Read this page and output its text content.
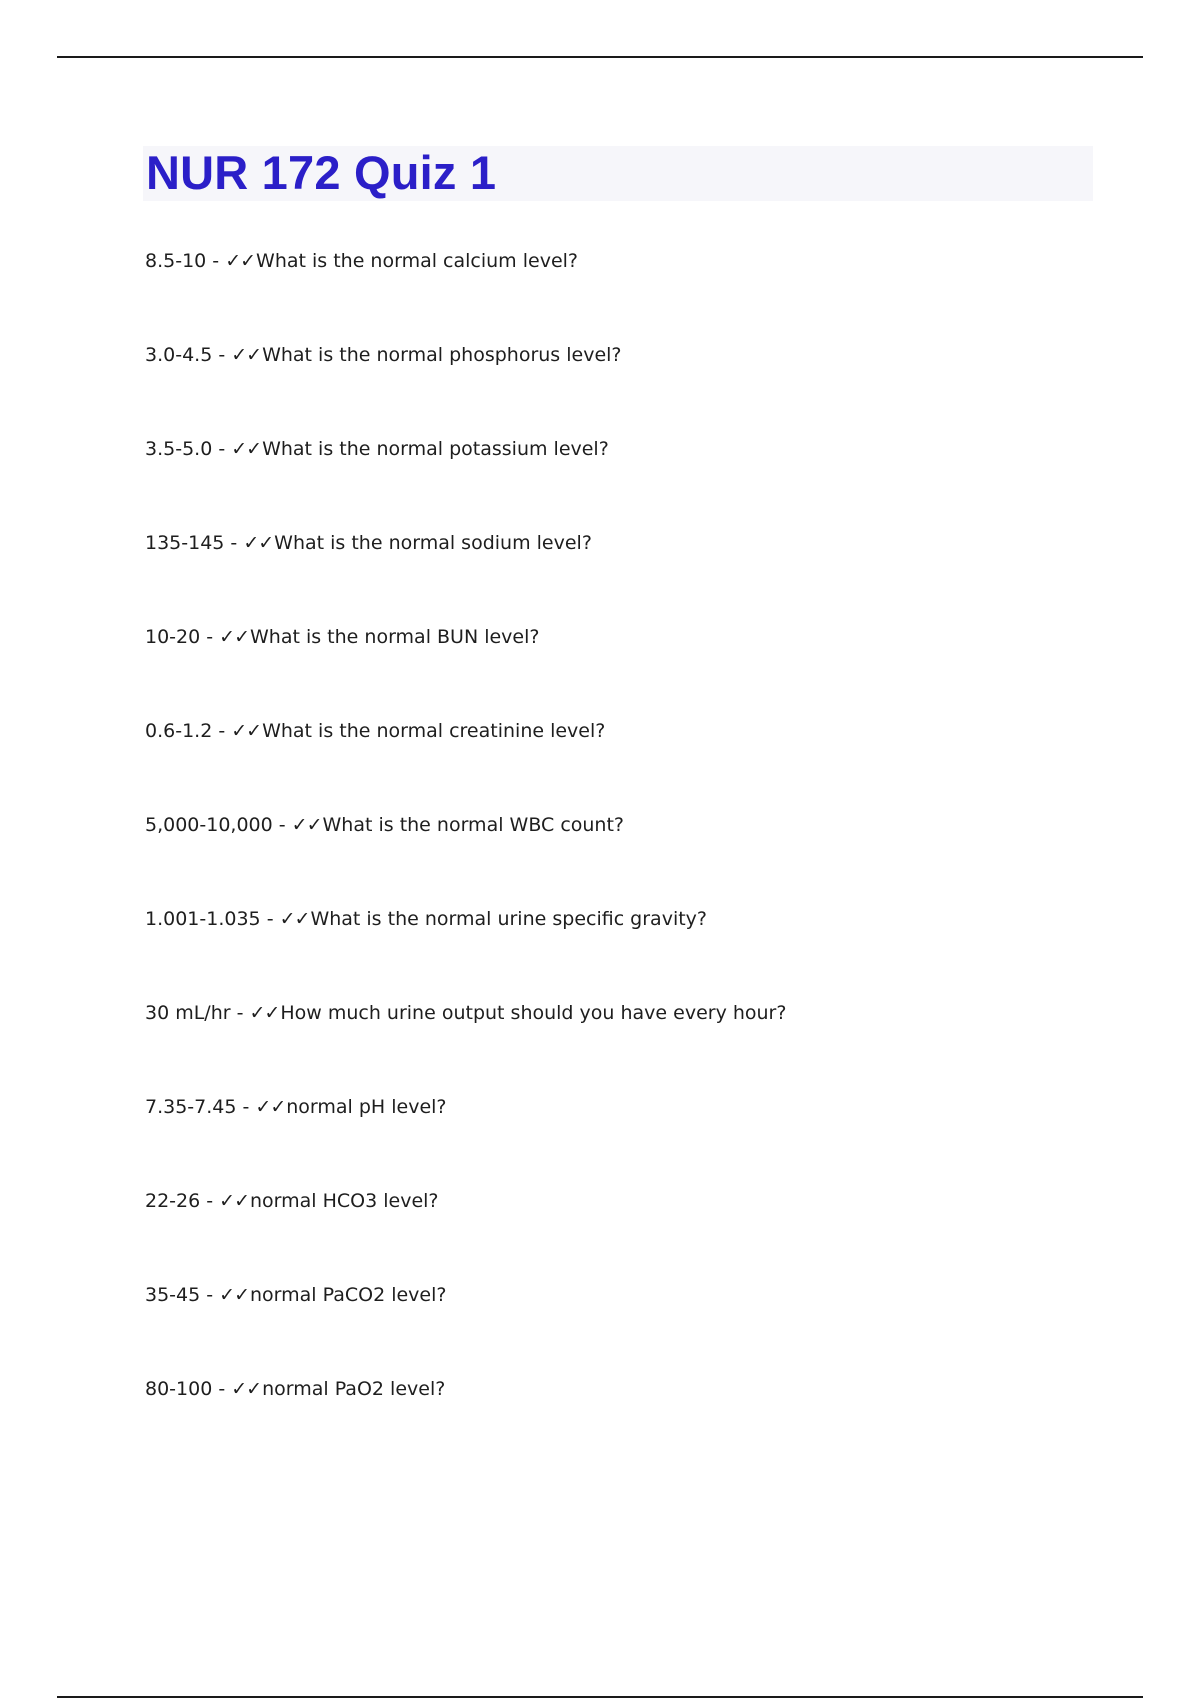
NUR 172 Quiz 1
8.5-10 - ✓✓What is the normal calcium level?
3.0-4.5 - ✓✓What is the normal phosphorus level?
3.5-5.0 - ✓✓What is the normal potassium level?
135-145 - ✓✓What is the normal sodium level?
10-20 - ✓✓What is the normal BUN level?
0.6-1.2 - ✓✓What is the normal creatinine level?
5,000-10,000 - ✓✓What is the normal WBC count?
1.001-1.035 - ✓✓What is the normal urine specific gravity?
30 mL/hr - ✓✓How much urine output should you have every hour?
7.35-7.45 - ✓✓normal pH level?
22-26 - ✓✓normal HCO3 level?
35-45 - ✓✓normal PaCO2 level?
80-100 - ✓✓normal PaO2 level?
